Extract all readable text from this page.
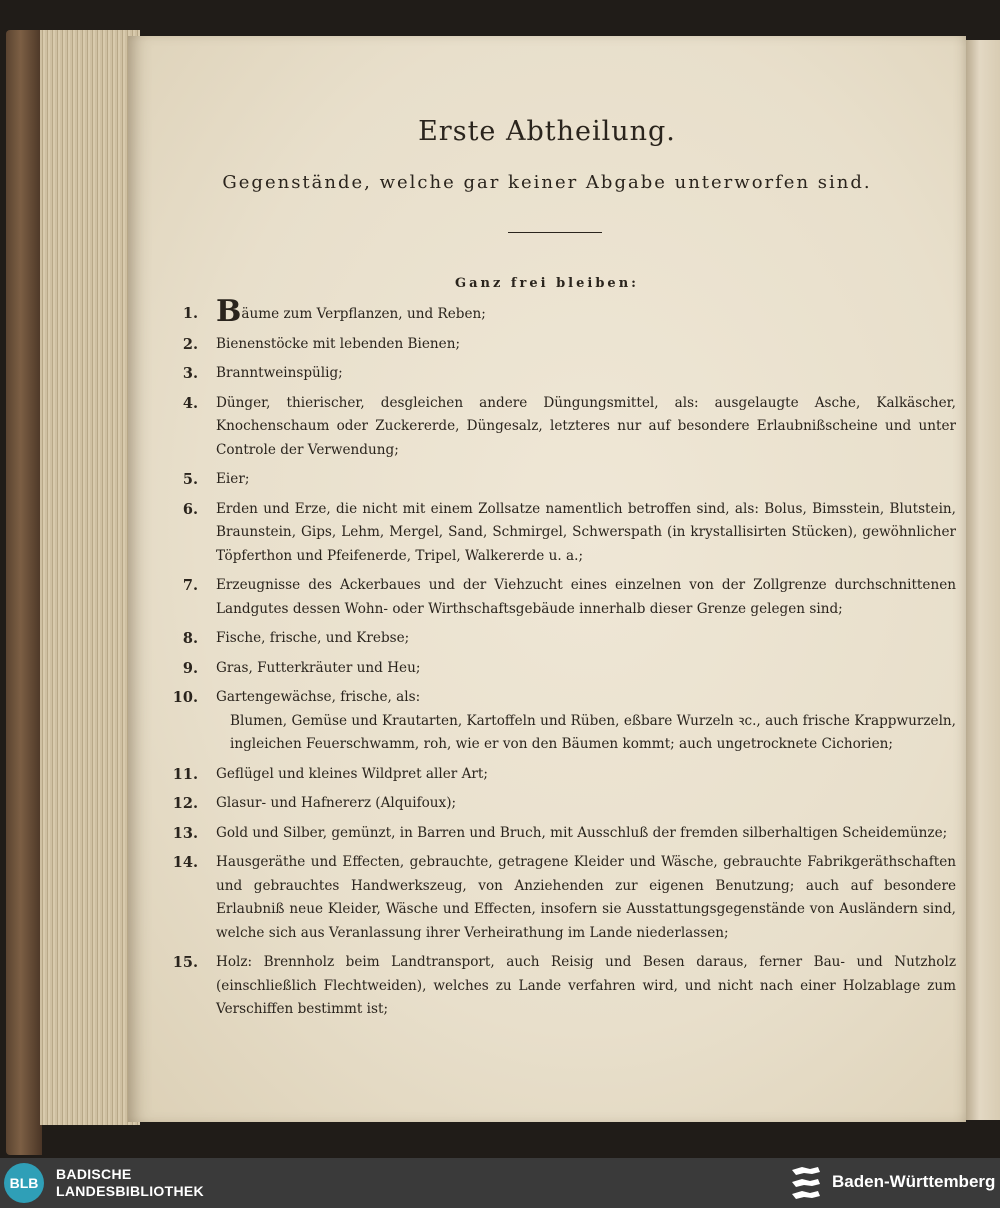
Erste Abtheilung.
Gegenstände, welche gar keiner Abgabe unterworfen sind.
Ganz frei bleiben:
1. Bäume zum Verpflanzen, und Reben;
2.	Bienenstöcke mit lebenden Bienen;
3.	Branntweinspülig;
4.	Dünger, thierischer, desgleichen andere Düngungsmittel, als: ausgelaugte Asche, Kalkäscher, Knochenschaum oder Zuckererde, Düngesalz, letzteres nur auf besondere Erlaubnißscheine und unter Controle der Verwendung;
5.	Eier;
6.	Erden und Erze, die nicht mit einem Zollsatze namentlich betroffen sind, als: Bolus, Bimsstein, Blutstein, Braunstein, Gips, Lehm, Mergel, Sand, Schmirgel, Schwerspath (in krystallisirten Stücken), gewöhnlicher Töpferthon und Pfeifenerde, Tripel, Walkererde u. a.;
7.	Erzeugnisse des Ackerbaues und der Viehzucht eines einzelnen von der Zollgrenze durchschnittenen Landgutes dessen Wohn- oder Wirthschaftsgebäude innerhalb dieser Grenze gelegen sind;
8.	Fische, frische, und Krebse;
9.	Gras, Futterkräuter und Heu;
10.	Gartengewächse, frische, als:
Blumen, Gemüse und Krautarten, Kartoffeln und Rüben, eßbare Wurzeln ꝛc., auch frische Krappwurzeln, ingleichen Feuerschwamm, roh, wie er von den Bäumen kommt; auch ungetrocknete Cichorien;
11.	Geflügel und kleines Wildpret aller Art;
12.	Glasur- und Hafnererz (Alquifoux);
13.	Gold und Silber, gemünzt, in Barren und Bruch, mit Ausschluß der fremden silberhaltigen Scheidemünze;
14.	Hausgeräthe und Effecten, gebrauchte, getragene Kleider und Wäsche, gebrauchte Fabrikgeräthschaften und gebrauchtes Handwerkszeug, von Anziehenden zur eigenen Benutzung; auch auf besondere Erlaubniß neue Kleider, Wäsche und Effecten, insofern sie Ausstattungsgegenstände von Ausländern sind, welche sich aus Veranlassung ihrer Verheirathung im Lande niederlassen;
15.	Holz: Brennholz beim Landtransport, auch Reisig und Besen daraus, ferner Bau- und Nutzholz (einschließlich Flechtweiden), welches zu Lande verfahren wird, und nicht nach einer Holzablage zum Verschiffen bestimmt ist;
BLB
BADISCHE
LANDESBIBLIOTHEK	Baden-Württemberg
